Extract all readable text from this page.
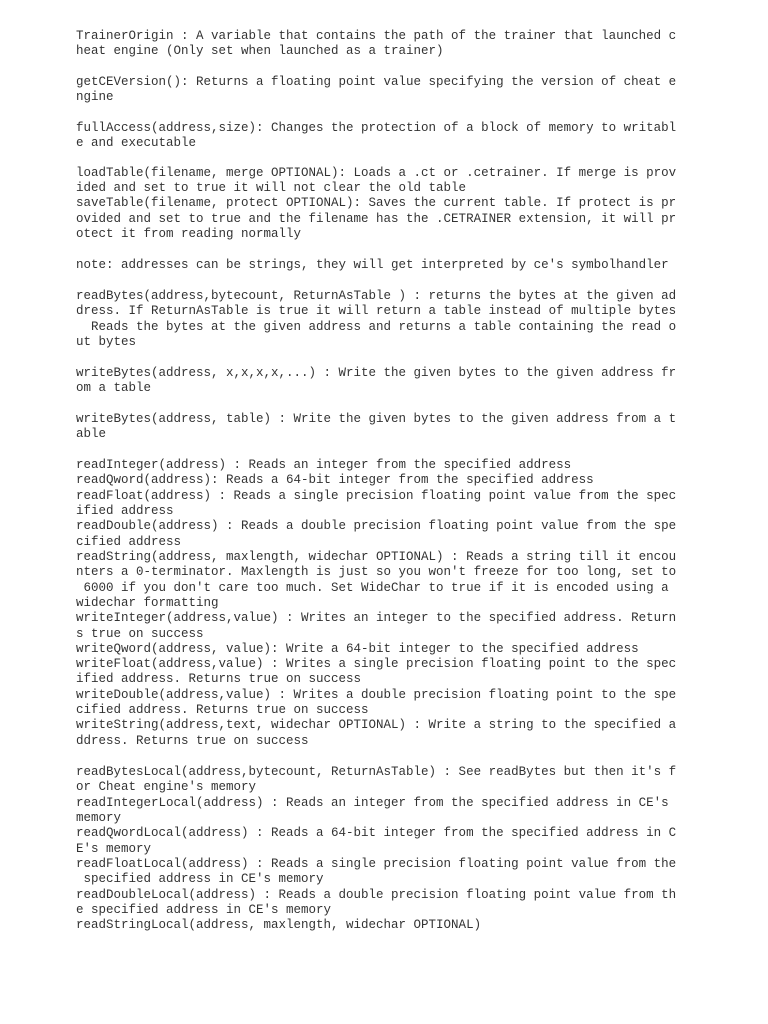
TrainerOrigin : A variable that contains the path of the trainer that launched c

heat engine (Only set when launched as a trainer)

getCEVersion(): Returns a floating point value specifying the version of cheat e

ngine

fullAccess(address,size): Changes the protection of a block of memory to writabl

e and executable

loadTable(filename, merge OPTIONAL): Loads a .ct or .cetrainer. If merge is prov

ided and set to true it will not clear the old table

saveTable(filename, protect OPTIONAL): Saves the current table. If protect is pr

ovided and set to true and the filename has the .CETRAINER extension, it will pr

otect it from reading normally

note: addresses can be strings, they will get interpreted by ce's symbolhandler

readBytes(address,bytecount, ReturnAsTable ) : returns the bytes at the given ad

dress. If ReturnAsTable is true it will return a table instead of multiple bytes

Reads the bytes at the given address and returns a table containing the read o

ut bytes

writeBytes(address, x,x,x,x,...) : Write the given bytes to the given address fr

om a table

writeBytes(address, table) : Write the given bytes to the given address from a t

able

readInteger(address) : Reads an integer from the specified address

readQword(address): Reads a 64-bit integer from the specified address

readFloat(address) : Reads a single precision floating point value from the spec

ified address

readDouble(address) : Reads a double precision floating point value from the spe

cified address

readString(address, maxlength, widechar OPTIONAL) : Reads a string till it encou

nters a 0-terminator. Maxlength is just so you won't freeze for too long, set to

6000 if you don't care too much. Set WideChar to true if it is encoded using a

widechar formatting

writeInteger(address,value) : Writes an integer to the specified address. Return

s true on success

writeQword(address, value): Write a 64-bit integer to the specified address

writeFloat(address,value) : Writes a single precision floating point to the spec

ified address. Returns true on success

writeDouble(address,value) : Writes a double precision floating point to the spe

cified address. Returns true on success

writeString(address,text, widechar OPTIONAL) : Write a string to the specified a

ddress. Returns true on success

readBytesLocal(address,bytecount, ReturnAsTable) : See readBytes but then it's f

or Cheat engine's memory

readIntegerLocal(address) : Reads an integer from the specified address in CE's

memory

readQwordLocal(address) : Reads a 64-bit integer from the specified address in C

E's memory

readFloatLocal(address) : Reads a single precision floating point value from the

specified address in CE's memory

readDoubleLocal(address) : Reads a double precision floating point value from th

e specified address in CE's memory

readStringLocal(address, maxlength, widechar OPTIONAL)
